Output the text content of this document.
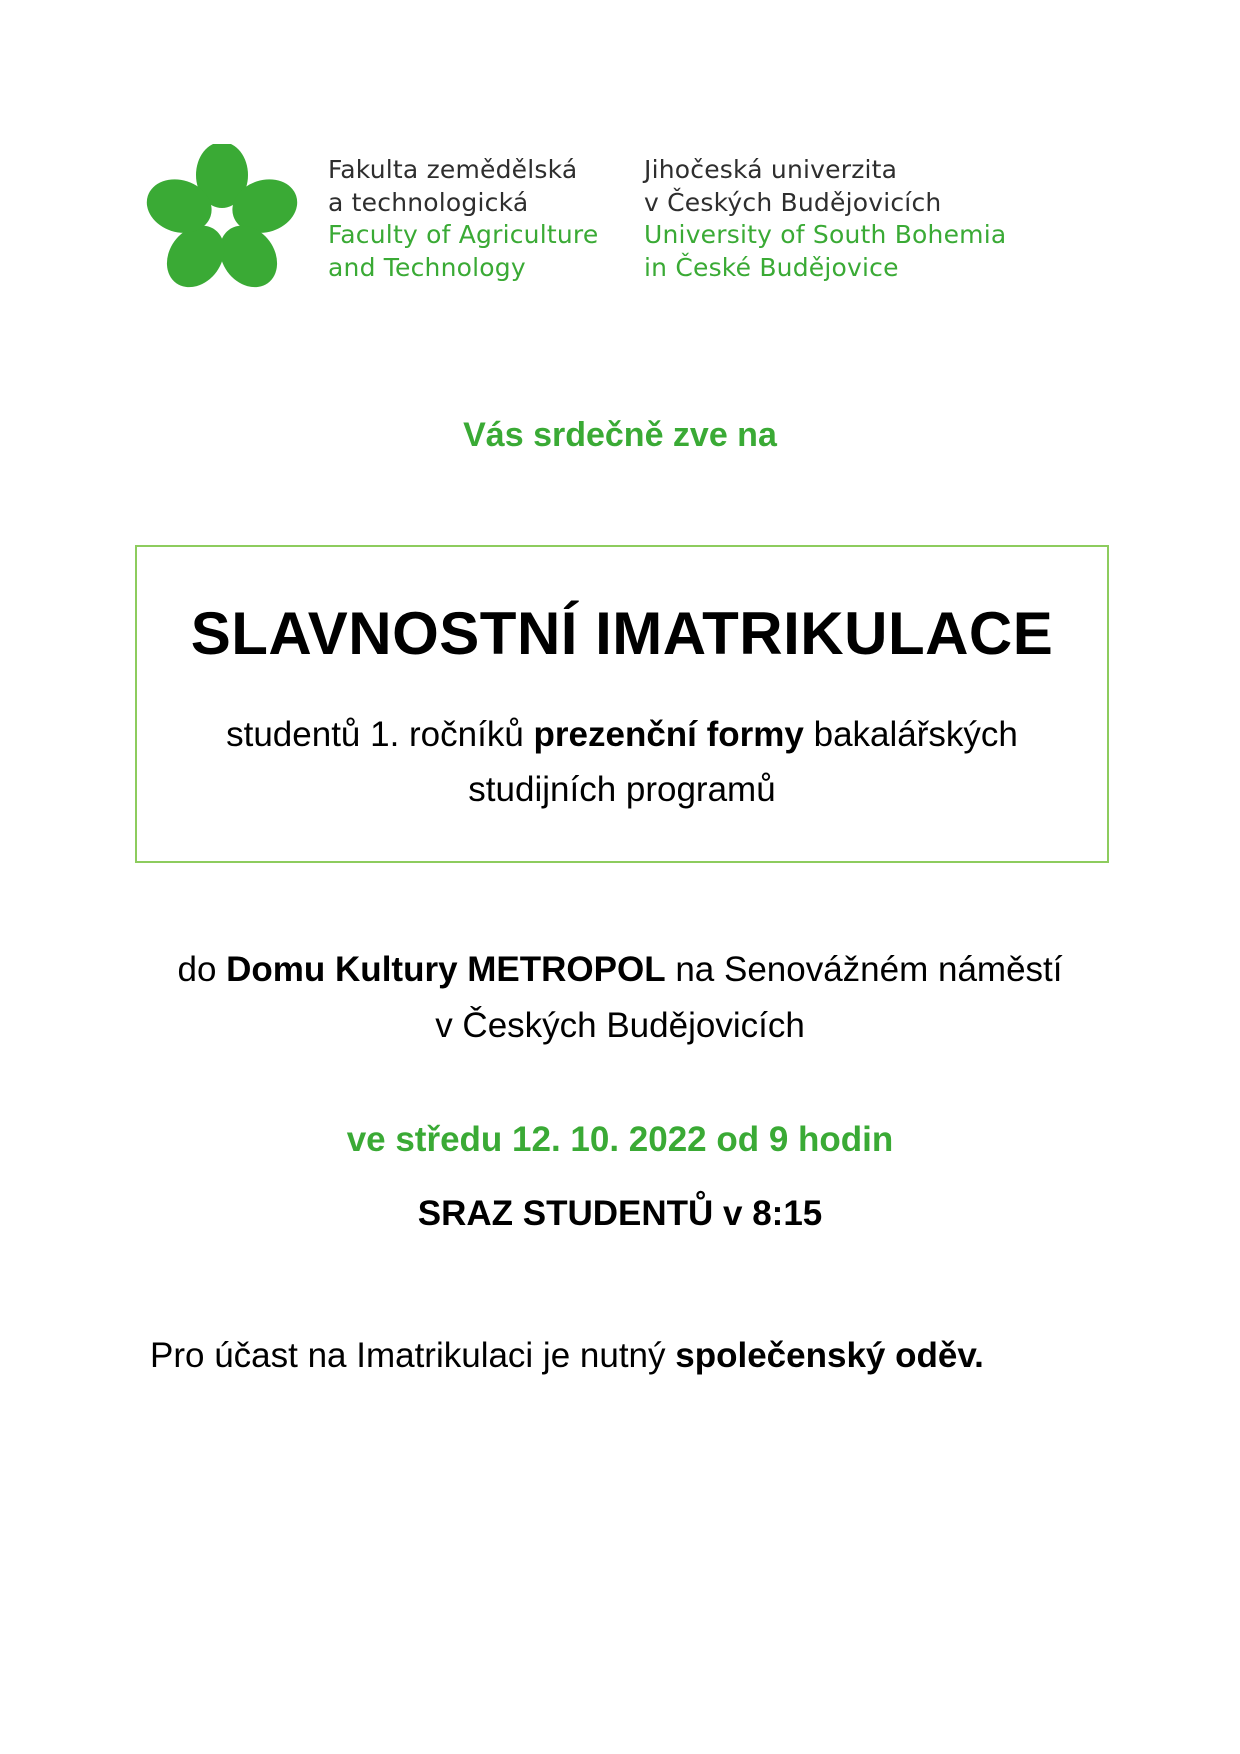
Fakulta zemědělská
a technologická
Faculty of Agriculture
and Technology
Jihočeská univerzita
v Českých Budějovicích
University of South Bohemia
in České Budějovice
Vás srdečně zve na
SLAVNOSTNÍ IMATRIKULACE
studentů 1. ročníků prezenční formy bakalářských
studijních programů
do Domu Kultury METROPOL na Senovážném náměstí
v Českých Budějovicích
ve středu 12. 10. 2022 od 9 hodin
SRAZ STUDENTŮ v 8:15
Pro účast na Imatrikulaci je nutný společenský oděv.
